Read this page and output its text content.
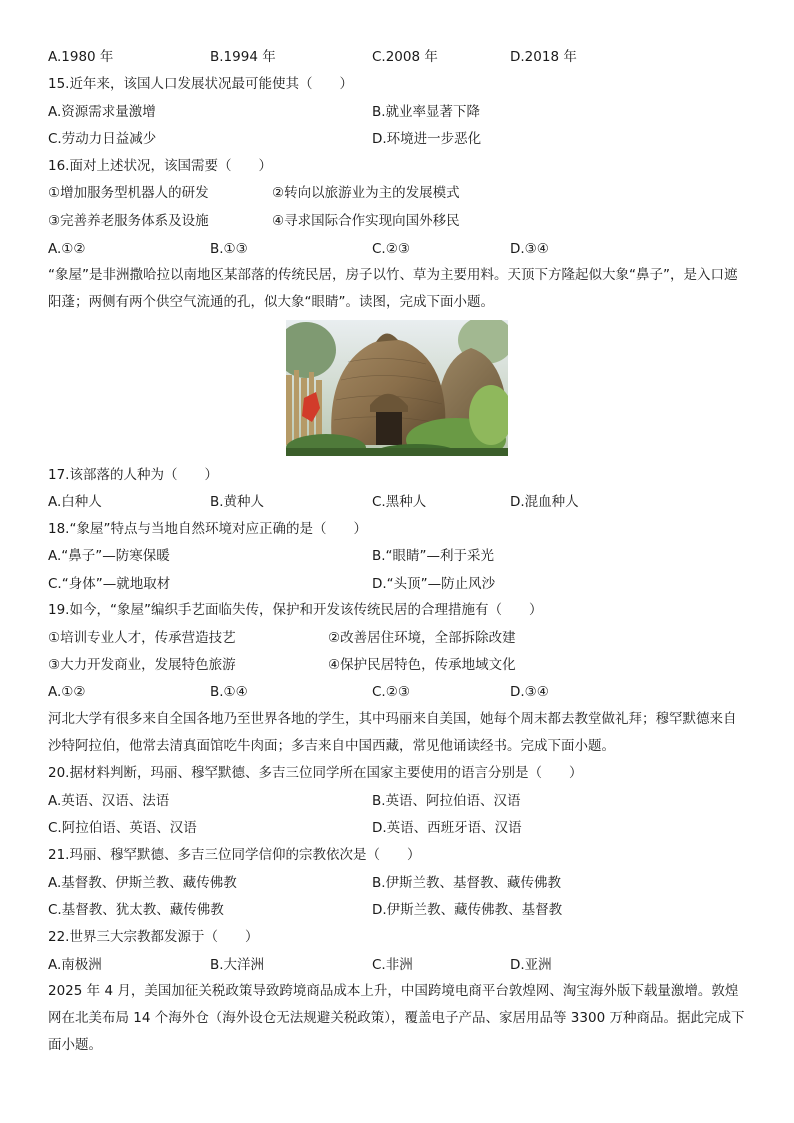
A.1980 年	B.1994 年	C.2008 年	D.2018 年
15.近年来，该国人口发展状况最可能使其（　　）
A.资源需求量激增	B.就业率显著下降
C.劳动力日益减少	D.环境进一步恶化
16.面对上述状况，该国需要（　　）
①增加服务型机器人的研发	②转向以旅游业为主的发展模式
③完善养老服务体系及设施	④寻求国际合作实现向国外移民
A.①②	B.①③	C.②③	D.③④
“象屋”是非洲撒哈拉以南地区某部落的传统民居，房子以竹、草为主要用料。天顶下方隆起似大象“鼻子”，是入口遮阳蓬；两侧有两个供空气流通的孔，似大象“眼睛”。读图，完成下面小题。
17.该部落的人种为（　　）
A.白种人	B.黄种人	C.黑种人	D.混血种人
18.“象屋”特点与当地自然环境对应正确的是（　　）
A.“鼻子”—防寒保暖	B.“眼睛”—利于采光
C.“身体”—就地取材	D.“头顶”—防止风沙
19.如今，“象屋”编织手艺面临失传，保护和开发该传统民居的合理措施有（　　）
①培训专业人才，传承营造技艺	②改善居住环境，全部拆除改建
③大力开发商业，发展特色旅游	④保护民居特色，传承地域文化
A.①②	B.①④	C.②③	D.③④
河北大学有很多来自全国各地乃至世界各地的学生，其中玛丽来自美国，她每个周末都去教堂做礼拜；穆罕默德来自沙特阿拉伯，他常去清真面馆吃牛肉面；多吉来自中国西藏，常见他诵读经书。完成下面小题。
20.据材料判断，玛丽、穆罕默德、多吉三位同学所在国家主要使用的语言分别是（　　）
A.英语、汉语、法语	B.英语、阿拉伯语、汉语
C.阿拉伯语、英语、汉语	D.英语、西班牙语、汉语
21.玛丽、穆罕默德、多吉三位同学信仰的宗教依次是（　　）
A.基督教、伊斯兰教、藏传佛教	B.伊斯兰教、基督教、藏传佛教
C.基督教、犹太教、藏传佛教	D.伊斯兰教、藏传佛教、基督教
22.世界三大宗教都发源于（　　）
A.南极洲	B.大洋洲	C.非洲	D.亚洲
2025 年 4 月，美国加征关税政策导致跨境商品成本上升，中国跨境电商平台敦煌网、淘宝海外版下载量激增。敦煌网在北美布局 14 个海外仓（海外设仓无法规避关税政策），覆盖电子产品、家居用品等 3300 万种商品。据此完成下面小题。
